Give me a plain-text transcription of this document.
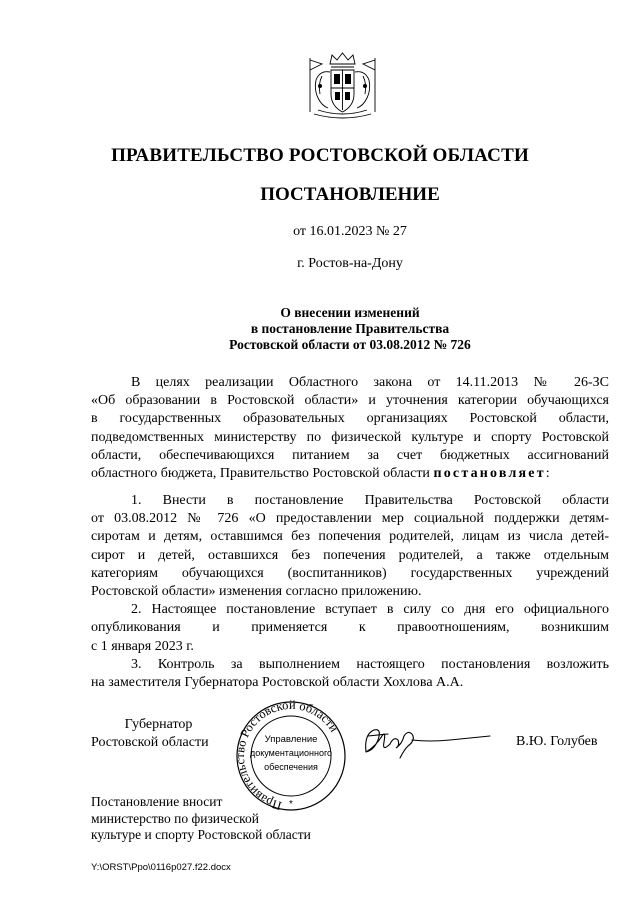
ПРАВИТЕЛЬСТВО РОСТОВСКОЙ ОБЛАСТИ
ПОСТАНОВЛЕНИЕ
от 16.01.2023 № 27
г. Ростов-на-Дону
О внесении изменений
в постановление Правительства
Ростовской области от 03.08.2012 № 726
В целях реализации Областного закона от 14.11.2013 № 26-ЗС
«Об образовании в Ростовской области» и уточнения категории обучающихся
в государственных образовательных организациях Ростовской области,
подведомственных министерству по физической культуре и спорту Ростовской
области, обеспечивающихся питанием за счет бюджетных ассигнований
областного бюджета, Правительство Ростовской области постановляет:
1. Внести в постановление Правительства Ростовской области
от 03.08.2012 № 726 «О предоставлении мер социальной поддержки детям-
сиротам и детям, оставшимся без попечения родителей, лицам из числа детей-
сирот и детей, оставшихся без попечения родителей, а также отдельным
категориям обучающихся (воспитанников) государственных учреждений
Ростовской области» изменения согласно приложению.
2. Настоящее постановление вступает в силу со дня его официального
опубликования и применяется к правоотношениям, возникшим
с 1 января 2023 г.
3. Контроль за выполнением настоящего постановления возложить
на заместителя Губернатора Ростовской области Хохлова А.А.
Губернатор
Ростовской области
Правительство Ростовской области
Управление
документационного
обеспечения
*
В.Ю. Голубев
Постановление вносит
министерство по физической
культуре и спорту Ростовской области
Y:\ORST\Ppo\0116p027.f22.docx
